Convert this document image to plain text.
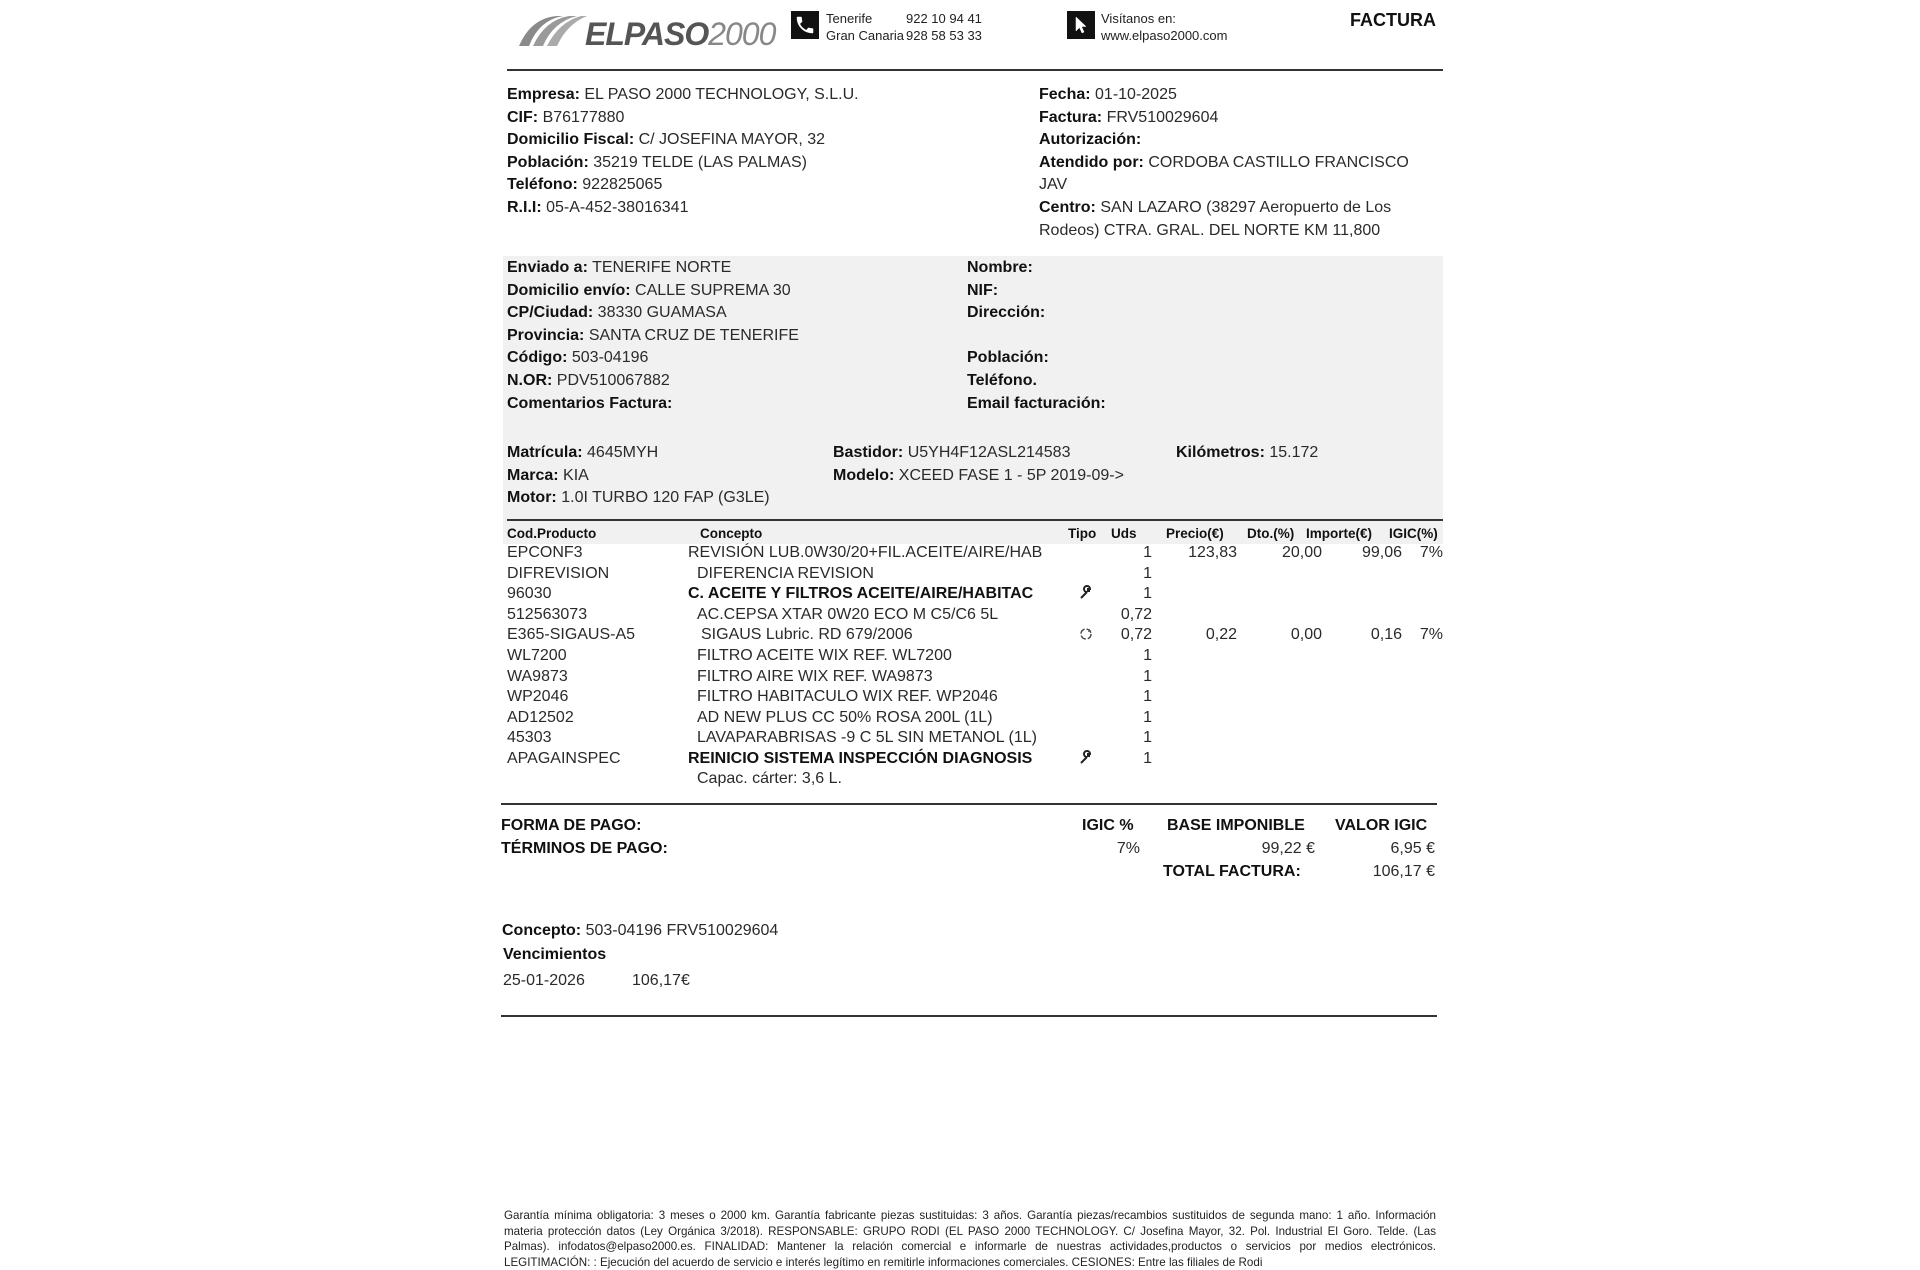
ELPASO2000	Tenerife	922 10 94 41
Gran Canaria 928 58 53 33
Visítanos en:
www.elpaso2000.com
FACTURA
Empresa: EL PASO 2000 TECHNOLOGY, S.L.U.
CIF: B76177880
Domicilio Fiscal: C/ JOSEFINA MAYOR, 32
Población: 35219 TELDE (LAS PALMAS)
Teléfono: 922825065
R.I.I: 05-A-452-38016341
Fecha: 01-10-2025
Factura: FRV510029604
Autorización:
Atendido por: CORDOBA CASTILLO FRANCISCO
JAV
Centro: SAN LAZARO (38297 Aeropuerto de Los
Rodeos) CTRA. GRAL. DEL NORTE KM 11,800
Enviado a: TENERIFE NORTE
Domicilio envío: CALLE SUPREMA 30
CP/Ciudad: 38330 GUAMASA
Provincia: SANTA CRUZ DE TENERIFE
Código: 503-04196
N.OR: PDV510067882
Comentarios Factura:
Nombre:
NIF:
Dirección:

Población:
Teléfono.
Email facturación:
Matrícula: 4645MYH
Marca: KIA
Motor: 1.0I TURBO 120 FAP (G3LE)
Bastidor: U5YH4F12ASL214583
Modelo: XCEED FASE 1 - 5P 2019-09->
Kilómetros: 15.172
Cod.Producto	Concepto	Tipo Uds Precio(€) Dto.(%) Importe(€) IGIC(%)
EPCONF3	REVISIÓN LUB.0W30/20+FIL.ACEITE/AIRE/HAB	1	123,83	20,00	99,06	7%
DIFREVISION	DIFERENCIA REVISION	1
96030	C. ACEITE Y FILTROS ACEITE/AIRE/HABITAC	1
512563073	AC.CEPSA XTAR 0W20 ECO M C5/C6 5L	0,72
E365-SIGAUS-A5	SIGAUS Lubric. RD 679/2006	0,72	0,22	0,00	0,16	7%
WL7200	FILTRO ACEITE WIX REF. WL7200	1
WA9873	FILTRO AIRE WIX REF. WA9873	1
WP2046	FILTRO HABITACULO WIX REF. WP2046	1
AD12502	AD NEW PLUS CC 50% ROSA 200L (1L)	1
45303	LAVAPARABRISAS -9 C 5L SIN METANOL (1L)	1
APAGAINSPEC	REINICIO SISTEMA INSPECCIÓN DIAGNOSIS	1
Capac. cárter: 3,6 L.
FORMA DE PAGO:
TÉRMINOS DE PAGO:
IGIC % BASE IMPONIBLE VALOR IGIC
7%	99,22 €	6,95 €
TOTAL FACTURA:	106,17 €
Concepto: 503-04196 FRV510029604
Vencimientos
25-01-2026	106,17€
Garantía mínima obligatoria: 3 meses o 2000 km. Garantía fabricante piezas sustituidas: 3 años. Garantía piezas/recambios sustituidos de segunda mano: 1 año. Información materia protección datos (Ley Orgánica 3/2018). RESPONSABLE: GRUPO RODI (EL PASO 2000 TECHNOLOGY. C/ Josefina Mayor, 32. Pol. Industrial El Goro. Telde. (Las Palmas). infodatos@elpaso2000.es. FINALIDAD: Mantener la relación comercial e informarle de nuestras actividades,productos o servicios por medios electrónicos. LEGITIMACIÓN: : Ejecución del acuerdo de servicio e interés legítimo en remitirle informaciones comerciales. CESIONES: Entre las filiales de Rodi
